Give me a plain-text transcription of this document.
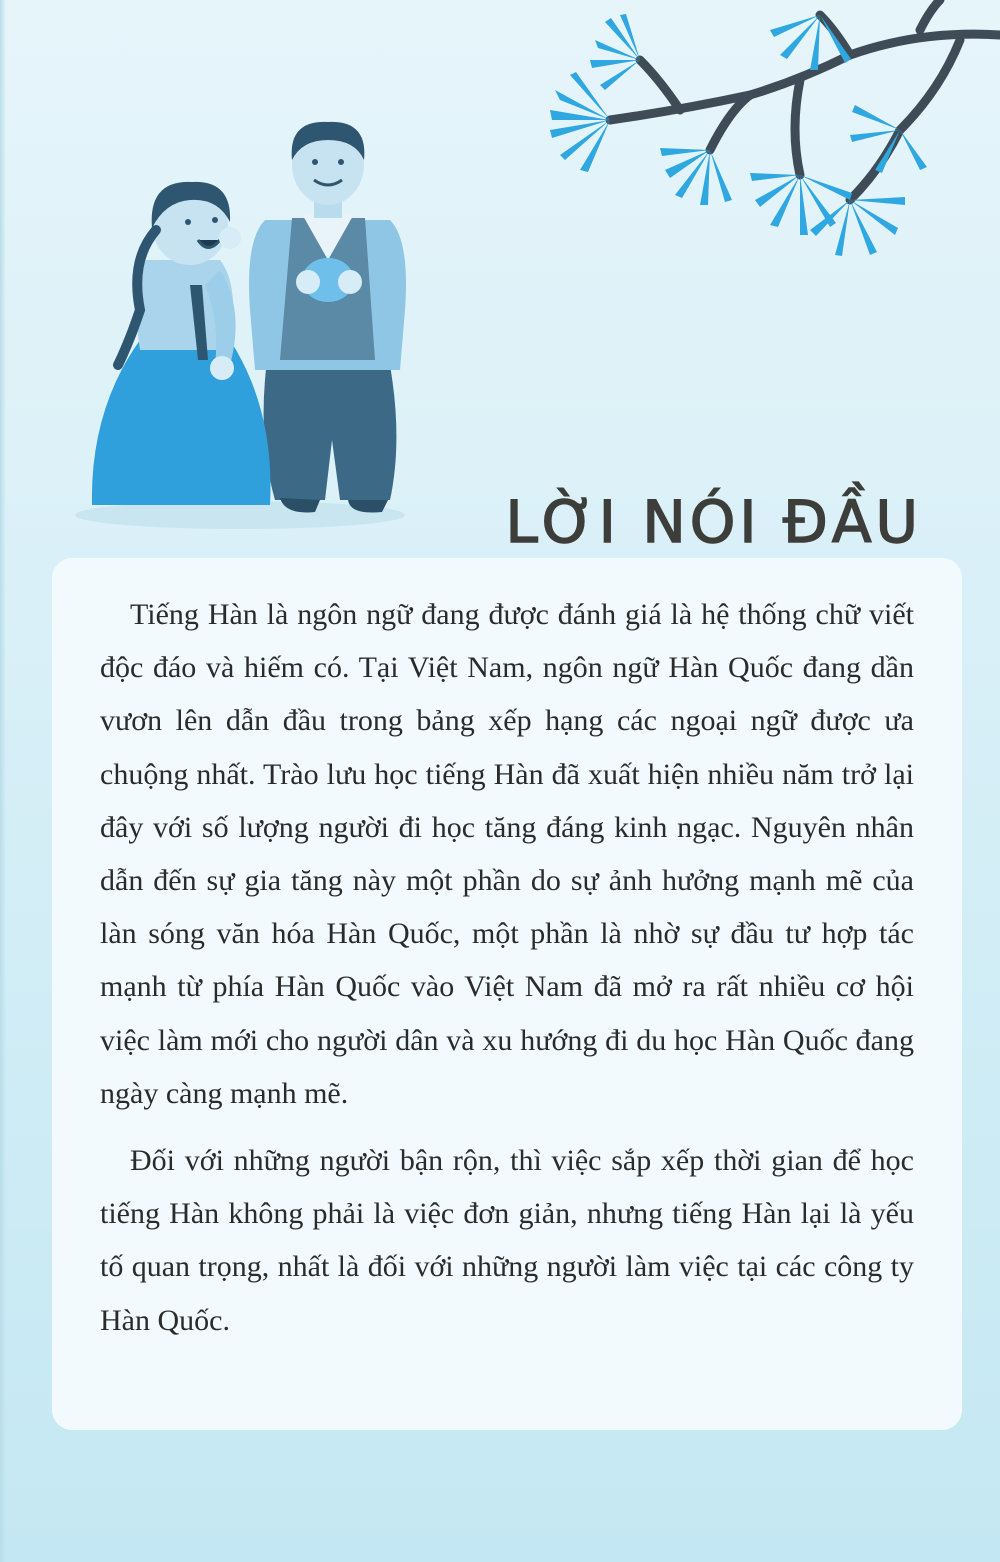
LỜI NÓI ĐẦU

Tiếng Hàn là ngôn ngữ đang được đánh giá là hệ thống chữ viết độc đáo và hiếm có. Tại Việt Nam, ngôn ngữ Hàn Quốc đang dần vươn lên dẫn đầu trong bảng xếp hạng các ngoại ngữ được ưa chuộng nhất. Trào lưu học tiếng Hàn đã xuất hiện nhiều năm trở lại đây với số lượng người đi học tăng đáng kinh ngạc. Nguyên nhân dẫn đến sự gia tăng này một phần do sự ảnh hưởng mạnh mẽ của làn sóng văn hóa Hàn Quốc, một phần là nhờ sự đầu tư hợp tác mạnh từ phía Hàn Quốc vào Việt Nam đã mở ra rất nhiều cơ hội việc làm mới cho người dân và xu hướng đi du học Hàn Quốc đang ngày càng mạnh mẽ.

Đối với những người bận rộn, thì việc sắp xếp thời gian để học tiếng Hàn không phải là việc đơn giản, nhưng tiếng Hàn lại là yếu tố quan trọng, nhất là đối với những người làm việc tại các công ty Hàn Quốc.
